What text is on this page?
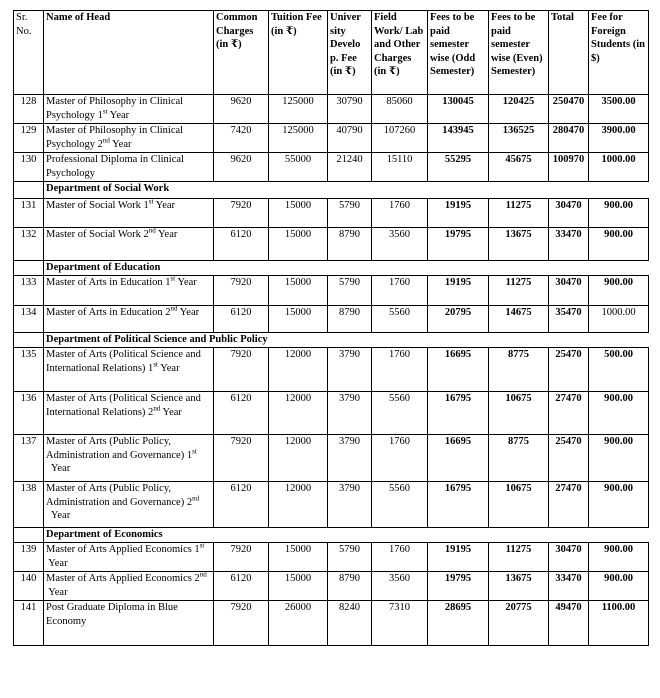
Sr. No.	Name of Head	Common Charges (in ₹)	Tuition Fee (in ₹)	Univer sity Develo p. Fee (in ₹)	Field Work/ Lab and Other Charges (in ₹)	Fees to be paid semester wise (Odd Semester)	Fees to be paid semester wise (Even) Semester)	Total	Fee for Foreign Students (in $)
128	Master of Philosophy in Clinical Psychology 1st Year	9620	125000	30790	85060	130045	120425	250470	3500.00
129	Master of Philosophy in Clinical Psychology 2nd Year	7420	125000	40790	107260	143945	136525	280470	3900.00
130	Professional Diploma in Clinical Psychology	9620	55000	21240	15110	55295	45675	100970	1000.00
	Department of Social Work								
131	Master of Social Work 1st Year	7920	15000	5790	1760	19195	11275	30470	900.00
132	Master of Social Work 2nd Year	6120	15000	8790	3560	19795	13675	33470	900.00
	Department of Education								
133	Master of Arts in Education 1st Year	7920	15000	5790	1760	19195	11275	30470	900.00
134	Master of Arts in Education 2nd Year	6120	15000	8790	5560	20795	14675	35470	1000.00
	Department of Political Science and Public Policy								
135	Master of Arts (Political Science and International Relations) 1st Year	7920	12000	3790	1760	16695	8775	25470	500.00
136	Master of Arts (Political Science and International Relations) 2nd Year	6120	12000	3790	5560	16795	10675	27470	900.00
137	Master of Arts (Public Policy, Administration and Governance) 1st  Year	7920	12000	3790	1760	16695	8775	25470	900.00
138	Master of Arts (Public Policy, Administration and Governance) 2nd  Year	6120	12000	3790	5560	16795	10675	27470	900.00
	Department of Economics								
139	Master of Arts Applied Economics 1st Year	7920	15000	5790	1760	19195	11275	30470	900.00
140	Master of Arts Applied Economics 2nd Year	6120	15000	8790	3560	19795	13675	33470	900.00
141	Post Graduate Diploma in Blue Economy	7920	26000	8240	7310	28695	20775	49470	1100.00
